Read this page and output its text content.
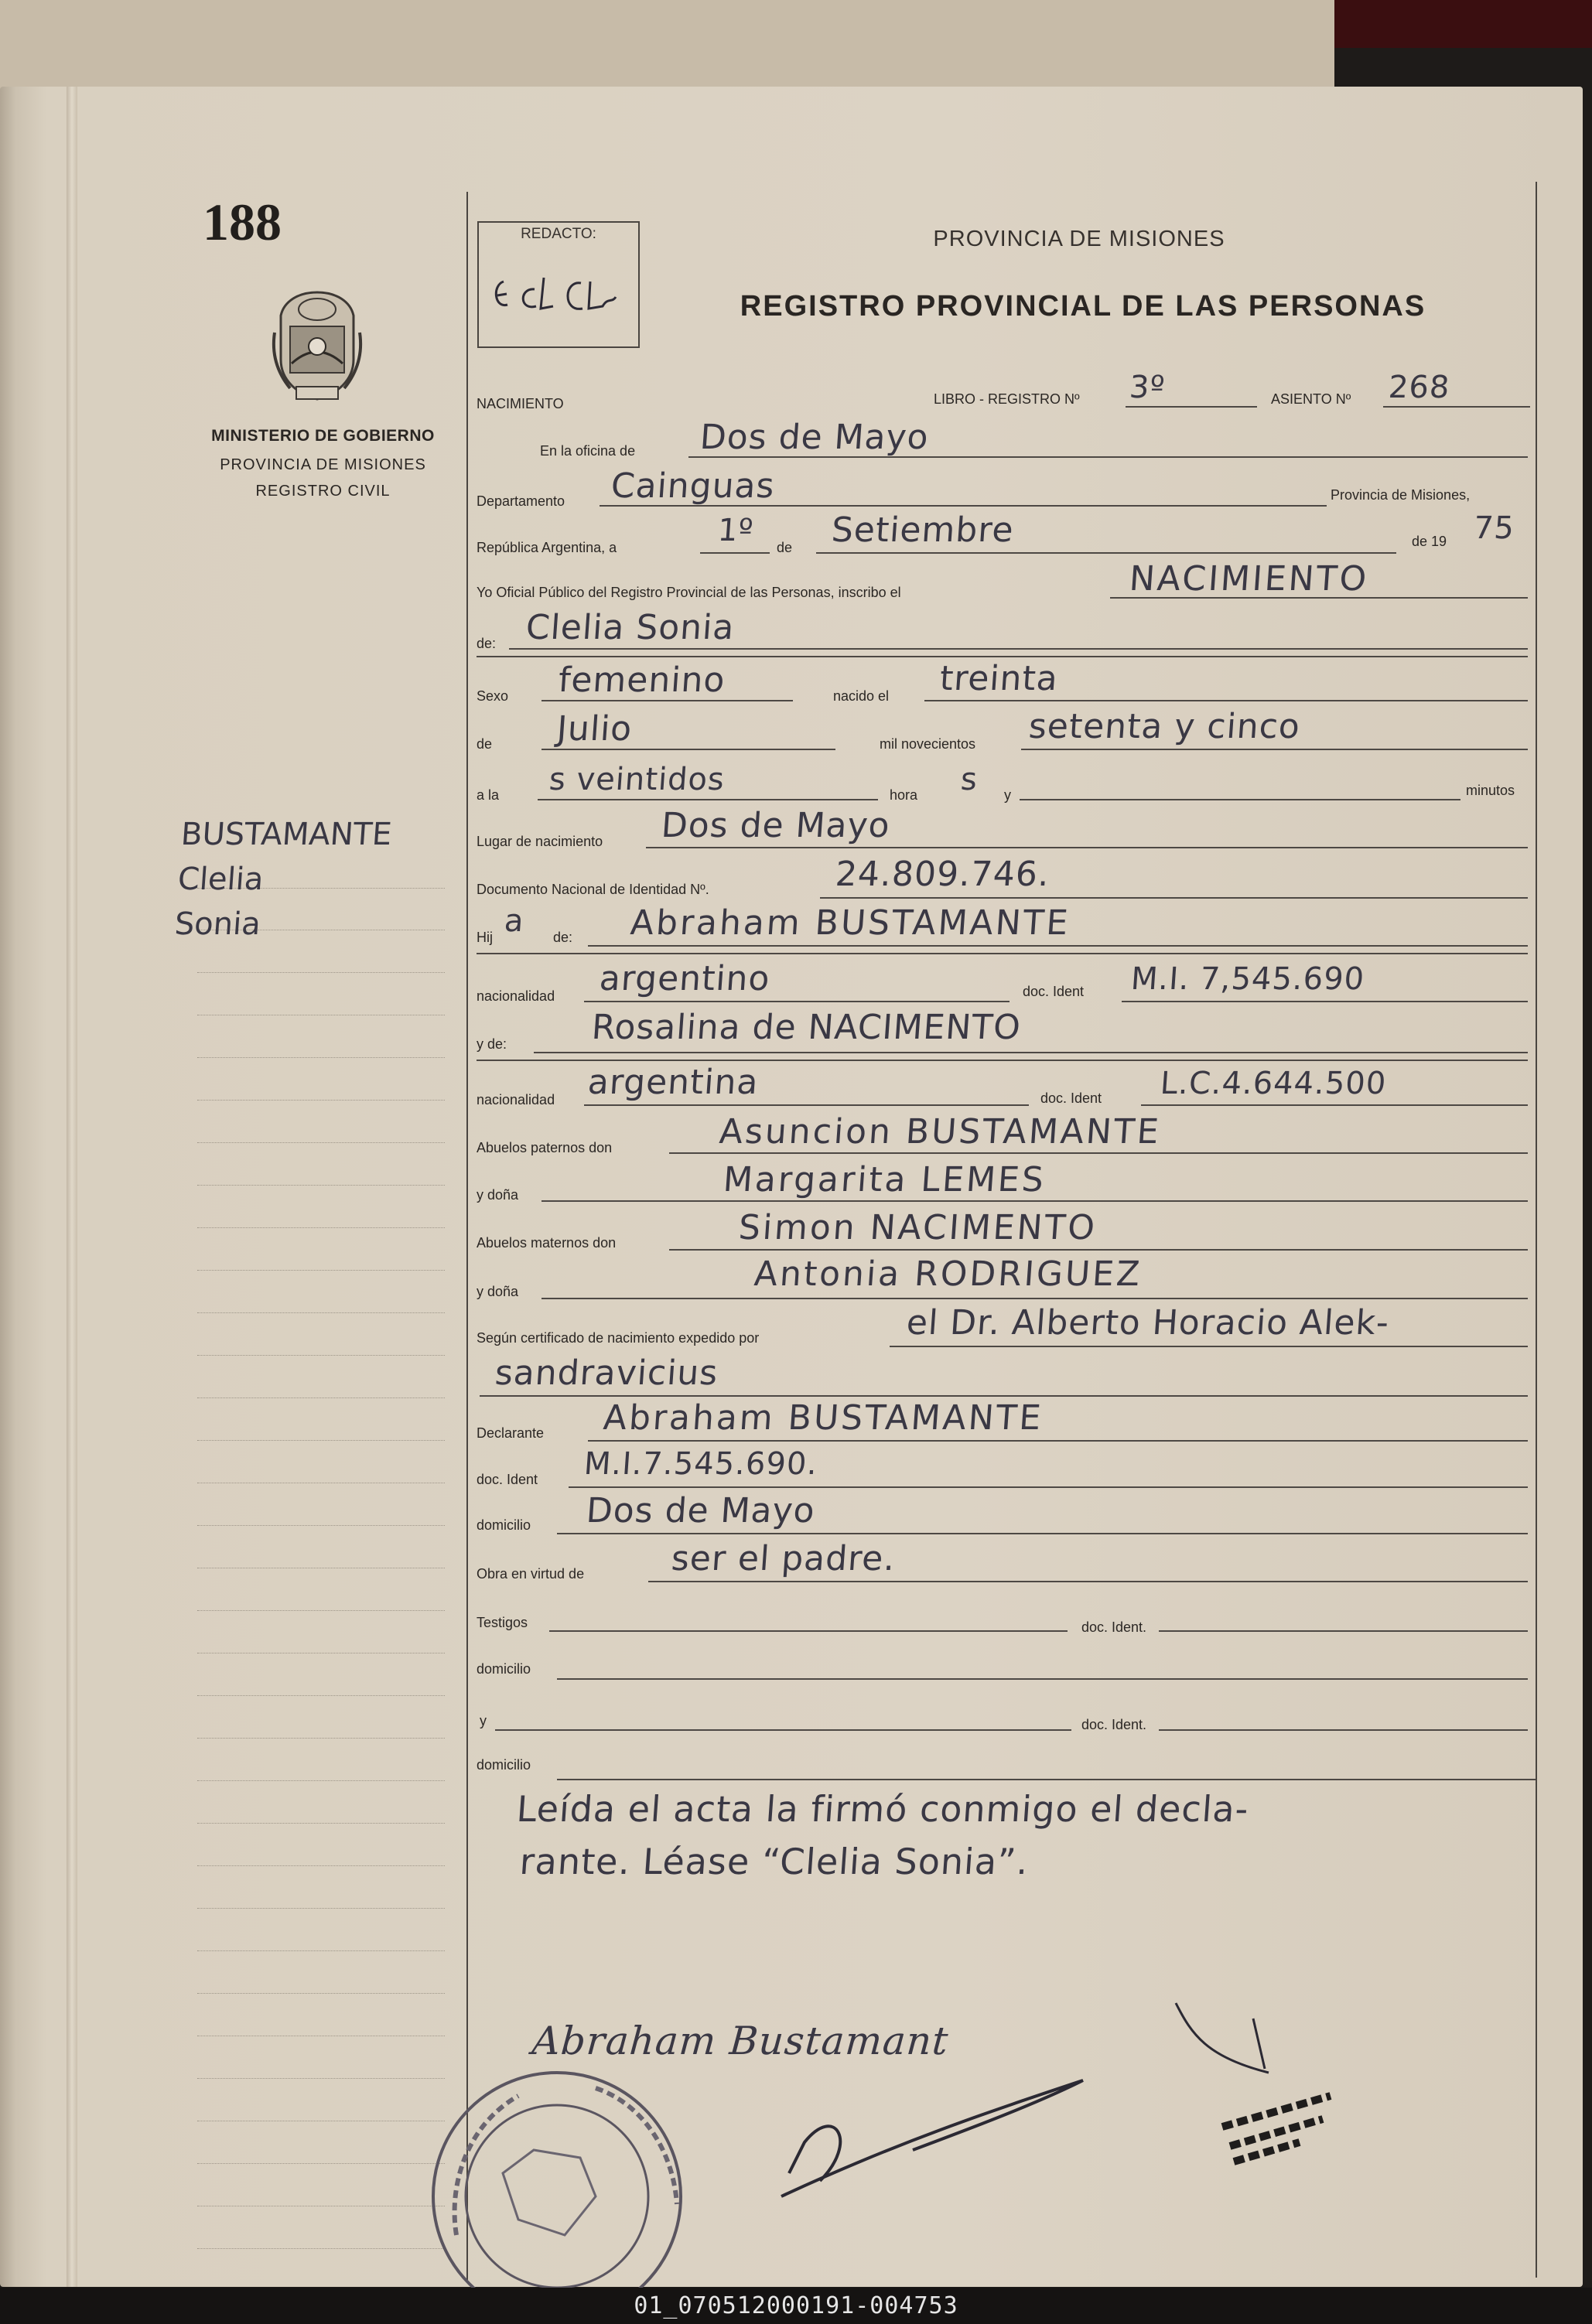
188
MINISTERIO DE GOBIERNO
PROVINCIA DE MISIONES
REGISTRO CIVIL
BUSTAMANTE
Clelia
Sonia
REDACTO:	PROVINCIA DE MISIONES
REGISTRO PROVINCIAL DE LAS PERSONAS
NACIMIENTO	LIBRO - REGISTRO Nº 3º	ASIENTO Nº 268
En la oficina de Dos de Mayo
Departamento Cainguas	Provincia de Misiones,
República Argentina, a	1º de Setiembre	de 19 75
Yo Oficial Público del Registro Provincial de las Personas, inscribo el	NACIMIENTO
de: Clelia Sonia
Sexo femenino	nacido el treinta
de Julio	mil novecientos setenta y cinco
a la s veintidos	hora s y	minutos
Lugar de nacimiento Dos de Mayo
Documento Nacional de Identidad Nº.	24.809.746.
Hij a de: Abraham BUSTAMANTE
nacionalidad argentino	doc. Ident M.I. 7,545.690
y de: Rosalina de NACIMENTO
nacionalidad argentina	doc. Ident L.C.4.644.500
Abuelos paternos don	Asuncion BUSTAMANTE
y doña	Margarita LEMES
Abuelos maternos don	Simon NACIMENTO
y doña	Antonia RODRIGUEZ
Según certificado de nacimiento expedido por	el Dr. Alberto Horacio Alek-
sandravicius
Declarante Abraham BUSTAMANTE
doc. Ident M.I.7.545.690.
domicilio Dos de Mayo
Obra en virtud de	ser el padre.
Testigos	doc. Ident.
domicilio
y	doc. Ident.
domicilio
Leída el acta la firmó conmigo el decla-
rante. Léase “Clelia Sonia”.
Abraham Bustamant
01_070512000191-004753
